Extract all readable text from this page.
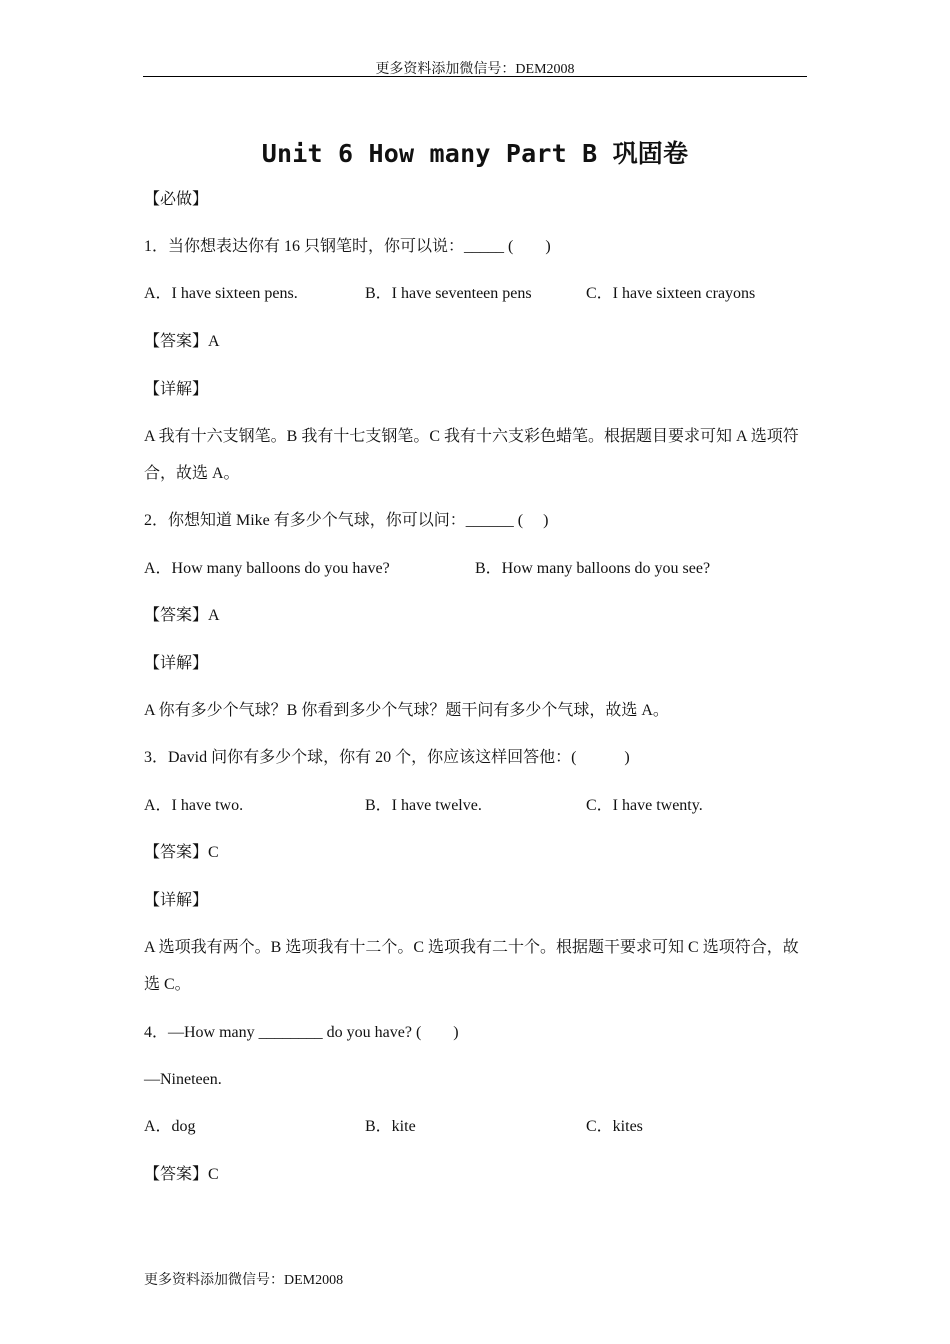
更多资料添加微信号：DEM2008
Unit 6 How many Part B 巩固卷
【必做】
1．当你想表达你有 16 只钢笔时，你可以说：_____ (　　)
A．I have sixteen pens.	B．I have seventeen pens	C．I have sixteen crayons
【答案】A
【详解】
A 我有十六支钢笔。B 我有十七支钢笔。C 我有十六支彩色蜡笔。根据题目要求可知 A 选项符合，故选 A。
2．你想知道 Mike 有多少个气球，你可以问：______ (　 )
A．How many balloons do you have?	B．How many balloons do you see?
【答案】A
【详解】
A 你有多少个气球？B 你看到多少个气球？题干问有多少个气球，故选 A。
3．David 问你有多少个球，你有 20 个，你应该这样回答他：(　　　)
A．I have two.	B．I have twelve.	C．I have twenty.
【答案】C
【详解】
A 选项我有两个。B 选项我有十二个。C 选项我有二十个。根据题干要求可知 C 选项符合，故选 C。
4．—How many ________ do you have? (　　)
—Nineteen.
A．dog	B．kite	C．kites
【答案】C
更多资料添加微信号：DEM2008
